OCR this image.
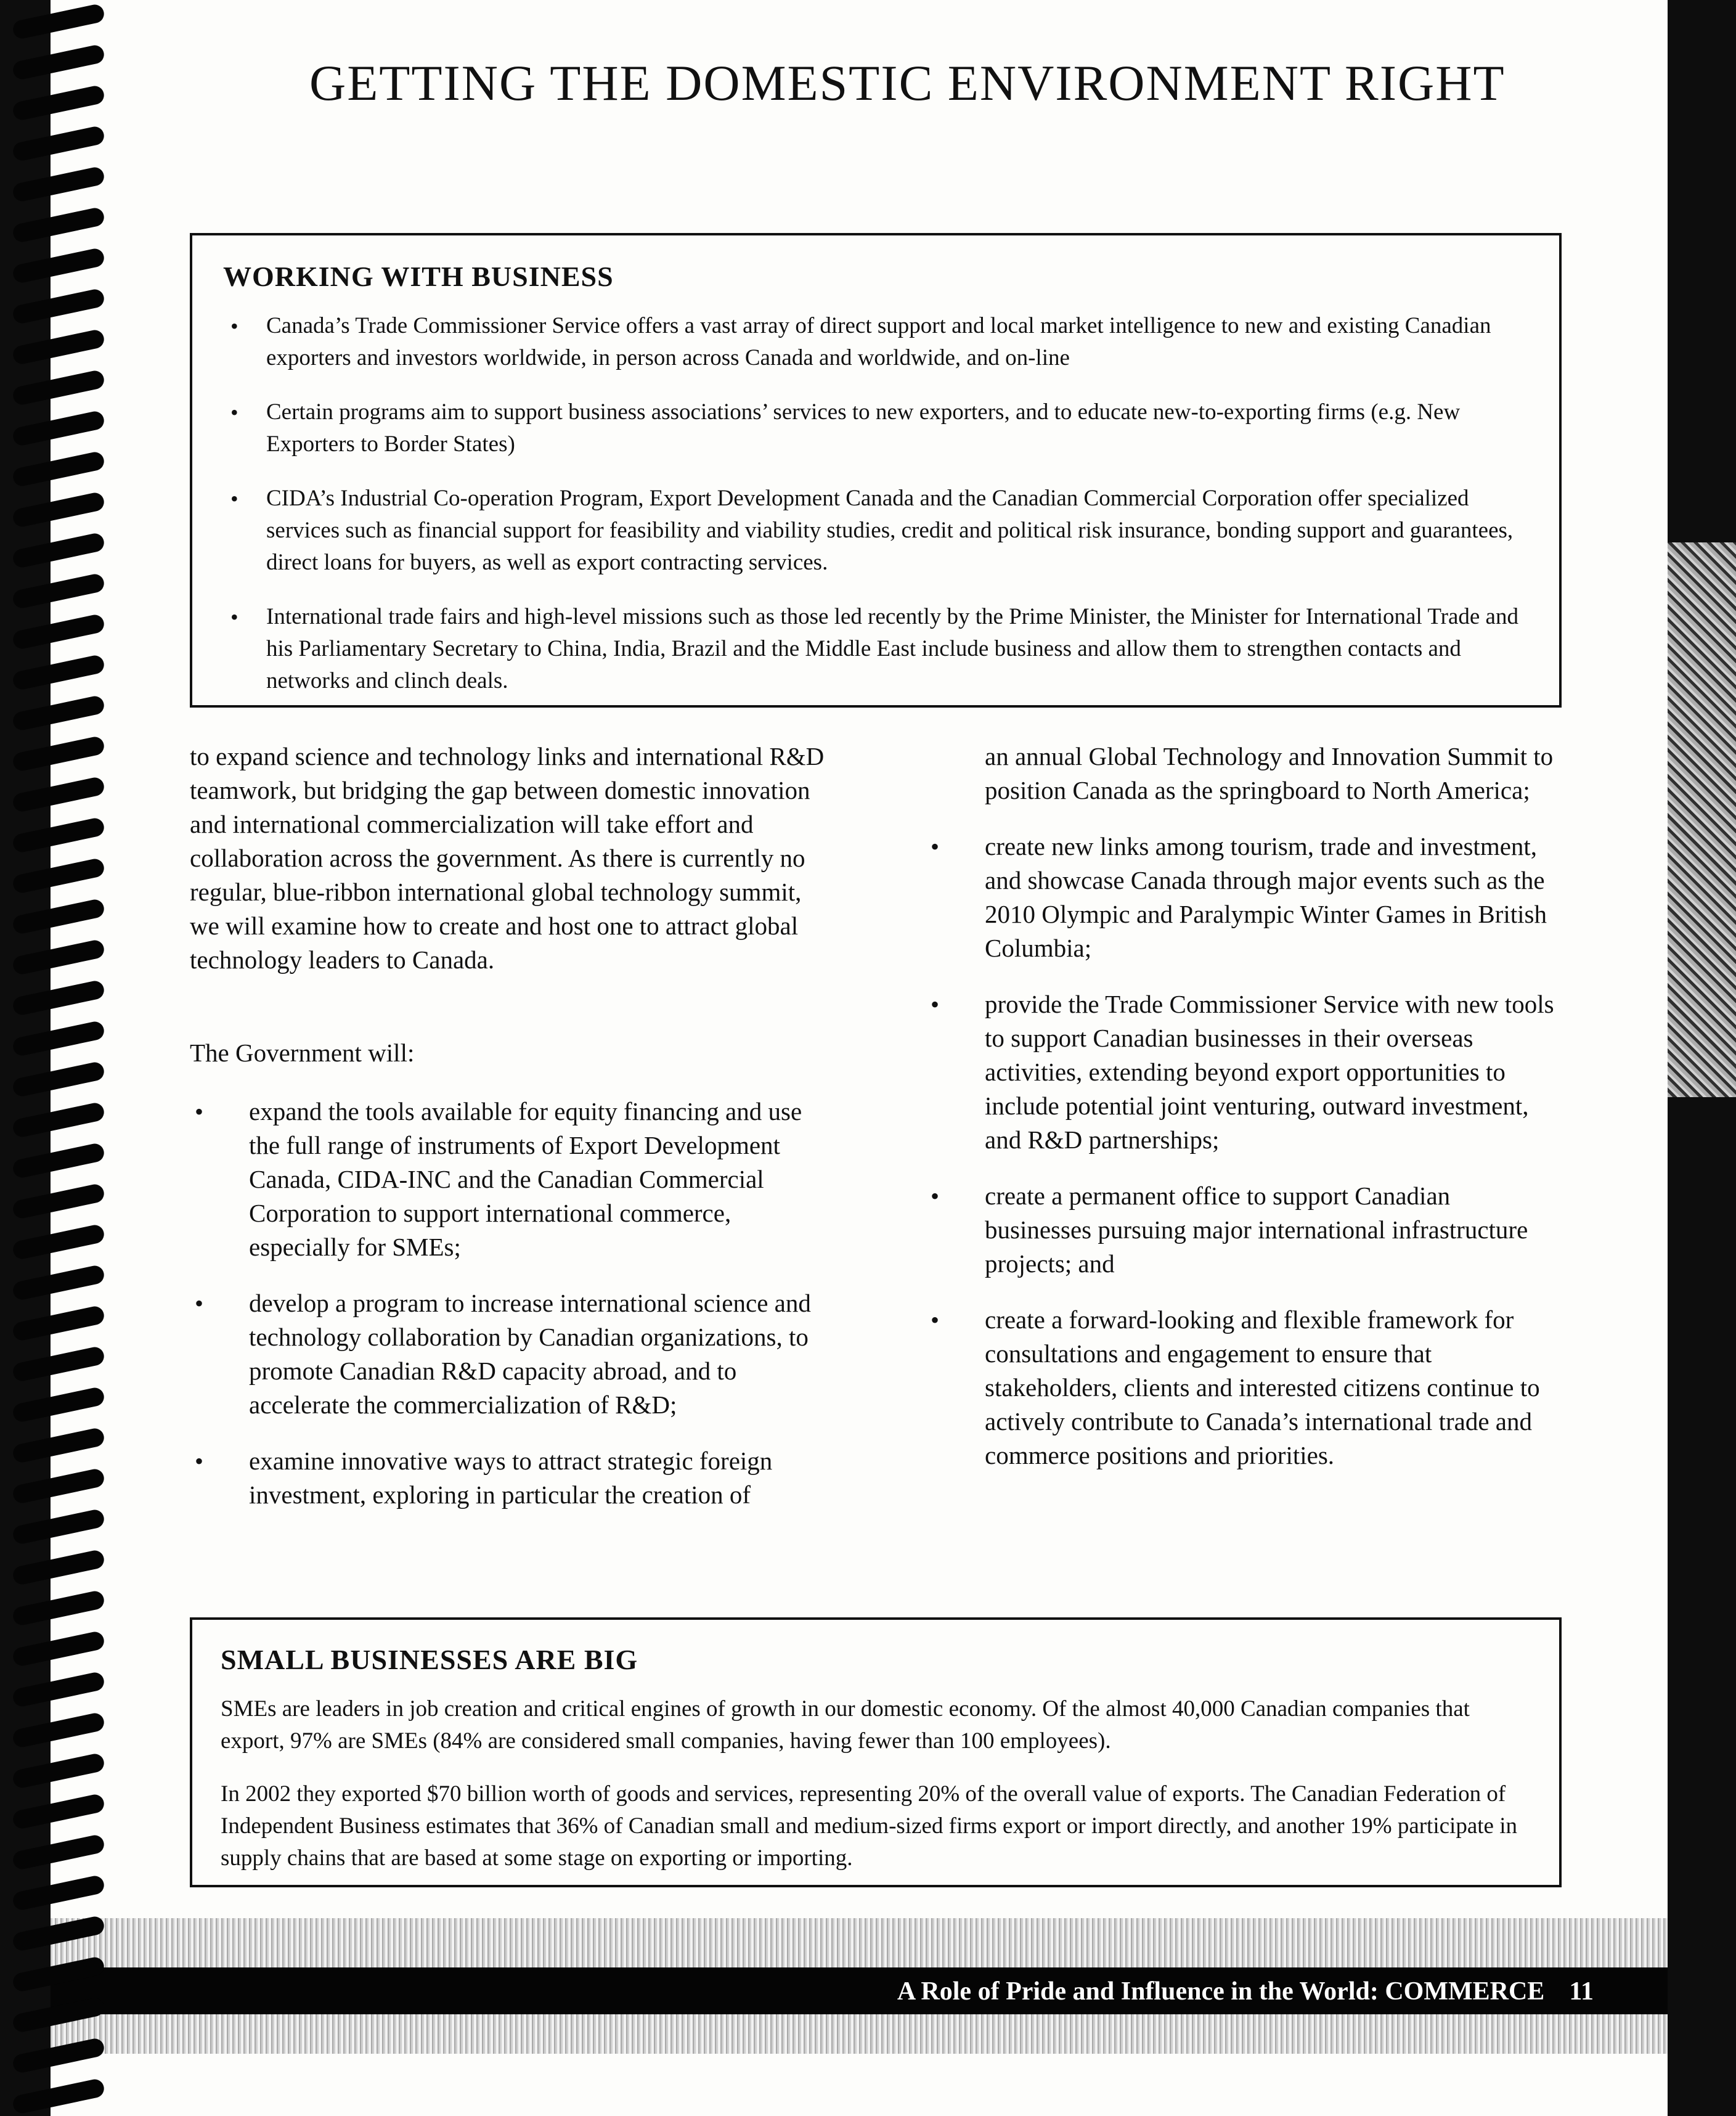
GETTING THE DOMESTIC ENVIRONMENT RIGHT
WORKING WITH BUSINESS
• Canada’s Trade Commissioner Service offers a vast array of direct support and local market intelligence to new and existing Canadian exporters and investors worldwide, in person across Canada and worldwide, and on-line
• Certain programs aim to support business associations’ services to new exporters, and to educate new-to-exporting firms (e.g. New Exporters to Border States)
• CIDA’s Industrial Co-operation Program, Export Development Canada and the Canadian Commercial Corporation offer specialized services such as financial support for feasibility and viability studies, credit and political risk insurance, bonding support and guarantees, direct loans for buyers, as well as export contracting services.
• International trade fairs and high-level missions such as those led recently by the Prime Minister, the Minister for International Trade and his Parliamentary Secretary to China, India, Brazil and the Middle East include business and allow them to strengthen contacts and networks and clinch deals.

to expand science and technology links and international R&D teamwork, but bridging the gap between domestic innovation and international commercialization will take effort and collaboration across the government. As there is currently no regular, blue-ribbon international global technology summit, we will examine how to create and host one to attract global technology leaders to Canada.

The Government will:

• expand the tools available for equity financing and use the full range of instruments of Export Development Canada, CIDA-INC and the Canadian Commercial Corporation to support international commerce, especially for SMEs;
• develop a program to increase international science and technology collaboration by Canadian organizations, to promote Canadian R&D capacity abroad, and to accelerate the commercialization of R&D;
• examine innovative ways to attract strategic foreign investment, exploring in particular the creation of
an annual Global Technology and Innovation Summit to position Canada as the springboard to North America;
• create new links among tourism, trade and investment, and showcase Canada through major events such as the 2010 Olympic and Paralympic Winter Games in British Columbia;
• provide the Trade Commissioner Service with new tools to support Canadian businesses in their overseas activities, extending beyond export opportunities to include potential joint venturing, outward investment, and R&D partnerships;
• create a permanent office to support Canadian businesses pursuing major international infrastructure projects; and
• create a forward-looking and flexible framework for consultations and engagement to ensure that stakeholders, clients and interested citizens continue to actively contribute to Canada’s international trade and commerce positions and priorities.
SMALL BUSINESSES ARE BIG

SMEs are leaders in job creation and critical engines of growth in our domestic economy. Of the almost 40,000 Canadian companies that export, 97% are SMEs (84% are considered small companies, having fewer than 100 employees).

In 2002 they exported $70 billion worth of goods and services, representing 20% of the overall value of exports. The Canadian Federation of Independent Business estimates that 36% of Canadian small and medium-sized firms export or import directly, and another 19% participate in supply chains that are based at some stage on exporting or importing.

A Role of Pride and Influence in the World: COMMERCE 11
